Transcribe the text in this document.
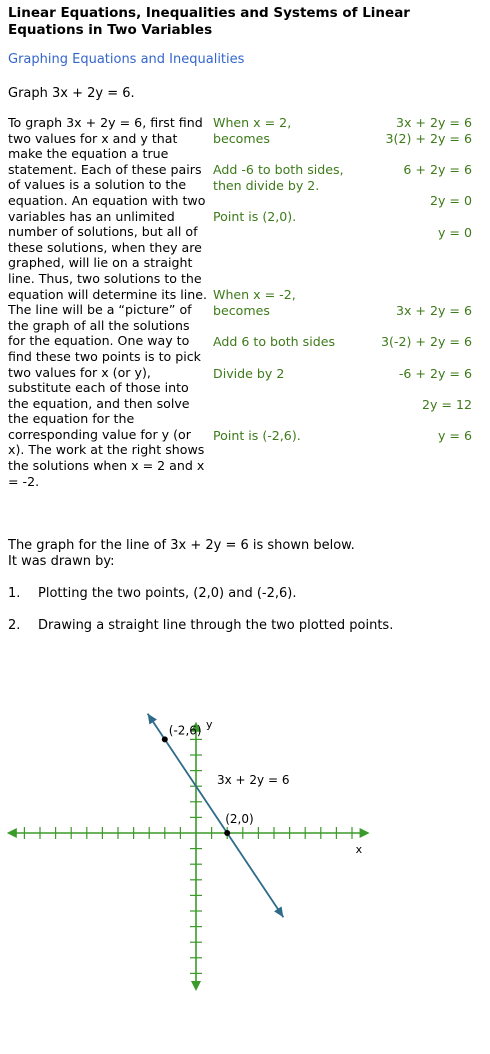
Linear Equations, Inequalities and Systems of Linear Equations in Two Variables
Graphing Equations and Inequalities
Graph 3x + 2y = 6.
To graph 3x + 2y = 6, first find two values for x and y that make the equation a true statement. Each of these pairs of values is a solution to the equation. An equation with two variables has an unlimited number of solutions, but all of these solutions, when they are graphed, will lie on a straight line. Thus, two solutions to the equation will determine its line. The line will be a “picture” of the graph of all the solutions for the equation. One way to find these two points is to pick two values for x (or y), substitute each of those into the equation, and then solve the equation for the corresponding value for y (or x). The work at the right shows the solutions when x = 2 and x = -2.
When x = 2,
becomes
Add -6 to both sides,
then divide by 2.
Point is (2,0).
When x = -2,
becomes
Add 6 to both sides
Divide by 2
Point is (-2,6).
3x + 2y = 6
3(2) + 2y = 6
6 + 2y = 6
2y = 0
y = 0
3x + 2y = 6
3(-2) + 2y = 6
-6 + 2y = 6
2y = 12
y = 6
The graph for the line of 3x + 2y = 6 is shown below.
It was drawn by:
1. Plotting the two points, (2,0) and (-2,6).
2. Drawing a straight line through the two plotted points.
x
y
(2,0)
(-2,6)
3x + 2y = 6
